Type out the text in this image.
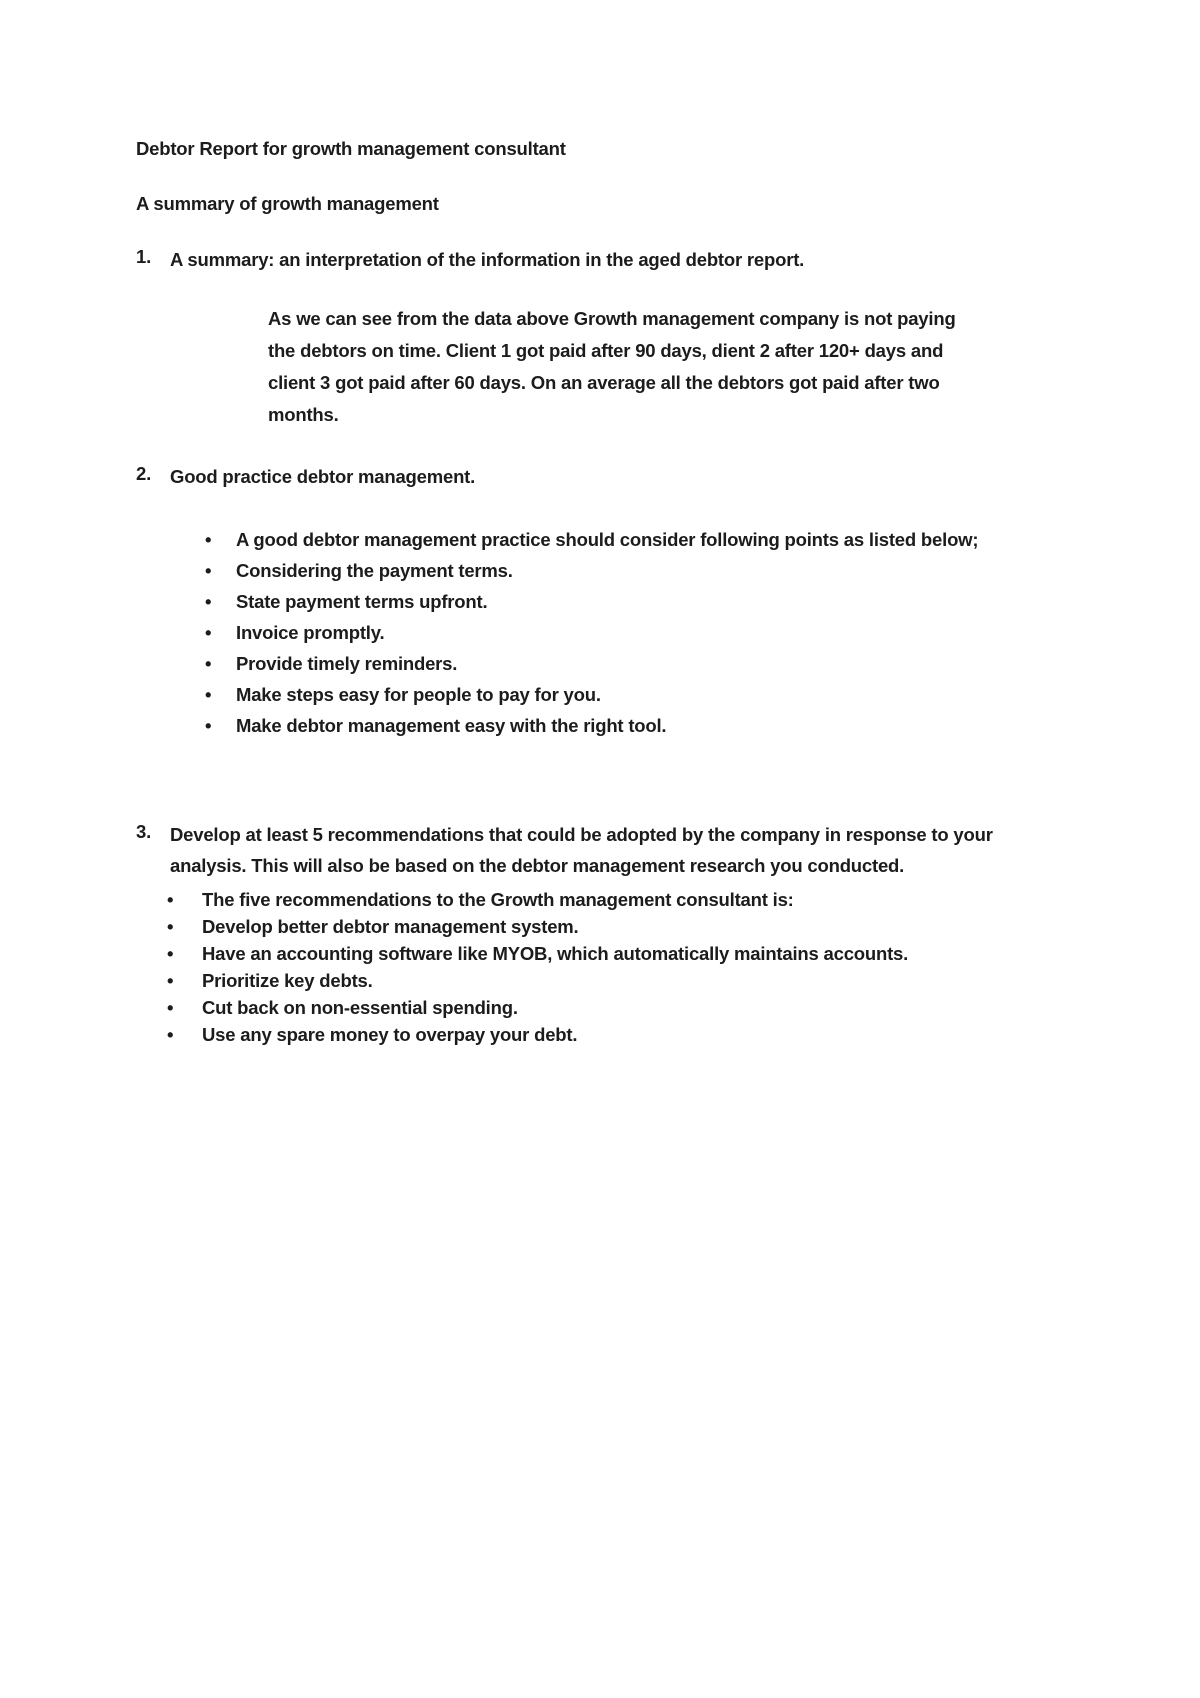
Debtor Report for growth management consultant

A summary of growth management

1.	A summary: an interpretation of the information in the aged debtor report.

As we can see from the data above Growth management company is not paying the debtors on time. Client 1 got paid after 90 days, dient 2 after 120+ days and client 3 got paid after 60 days. On an average all the debtors got paid after two months.

2.	Good practice debtor management.
• A good debtor management practice should consider following points as listed below;
• Considering the payment terms.
• State payment terms upfront.
• Invoice promptly.
• Provide timely reminders.
• Make steps easy for people to pay for you.
• Make debtor management easy with the right tool.
3.	Develop at least 5 recommendations that could be adopted by the company in response to your analysis. This will also be based on the debtor management research you conducted.
• The five recommendations to the Growth management consultant is:
• Develop better debtor management system.
• Have an accounting software like MYOB, which automatically maintains accounts.
• Prioritize key debts.
• Cut back on non-essential spending.
• Use any spare money to overpay your debt.
